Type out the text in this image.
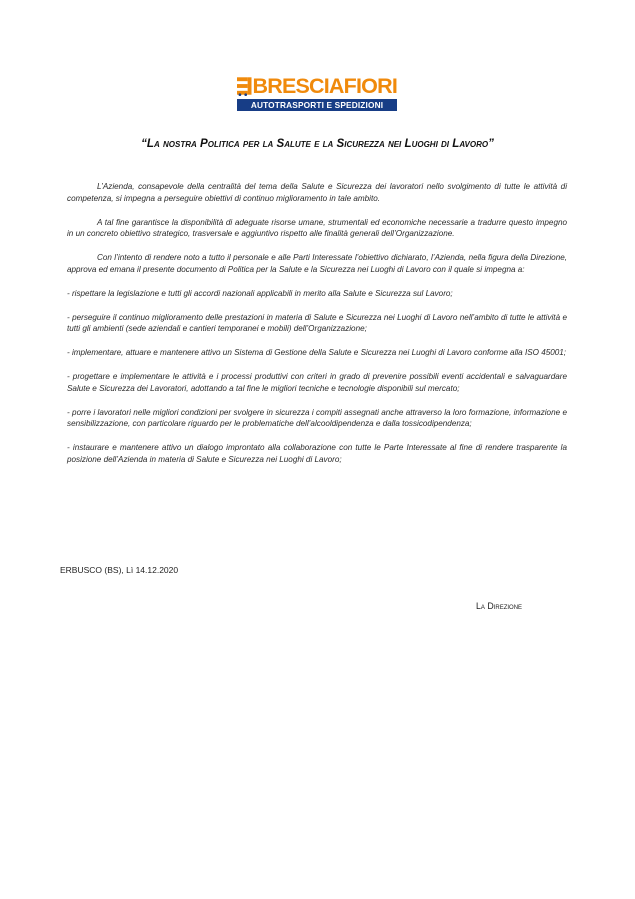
BRESCIAFIORI
AUTOTRASPORTI E SPEDIZIONI
“La nostra Politica per la Salute e la Sicurezza nei Luoghi di Lavoro”

L’Azienda, consapevole della centralità del tema della Salute e Sicurezza dei lavoratori nello svolgimento di tutte le attività di competenza, si impegna a perseguire obiettivi di continuo miglioramento in tale ambito.

A tal fine garantisce la disponibilità di adeguate risorse umane, strumentali ed economiche necessarie a tradurre questo impegno in un concreto obiettivo strategico, trasversale e aggiuntivo rispetto alle finalità generali dell’Organizzazione.

Con l’intento di rendere noto a tutto il personale e alle Parti Interessate l’obiettivo dichiarato, l’Azienda, nella figura della Direzione, approva ed emana il presente documento di Politica per la Salute e la Sicurezza nei Luoghi di Lavoro con il quale si impegna a:

- rispettare la legislazione e tutti gli accordi nazionali applicabili in merito alla Salute e Sicurezza sul Lavoro;

- perseguire il continuo miglioramento delle prestazioni in materia di Salute e Sicurezza nei Luoghi di Lavoro nell’ambito di tutte le attività e tutti gli ambienti (sede aziendali e cantieri temporanei e mobili) dell’Organizzazione;

- implementare, attuare e mantenere attivo un Sistema di Gestione della Salute e Sicurezza nei Luoghi di Lavoro conforme alla ISO 45001;

- progettare e implementare le attività e i processi produttivi con criteri in grado di prevenire possibili eventi accidentali e salvaguardare Salute e Sicurezza dei Lavoratori, adottando a tal fine le migliori tecniche e tecnologie disponibili sul mercato;

- porre i lavoratori nelle migliori condizioni per svolgere in sicurezza i compiti assegnati anche attraverso la loro formazione, informazione e sensibilizzazione, con particolare riguardo per le problematiche dell’alcooldipendenza e dalla tossicodipendenza;

- instaurare e mantenere attivo un dialogo improntato alla collaborazione con tutte le Parte Interessate al fine di rendere trasparente la posizione dell’Azienda in materia di Salute e Sicurezza nei Luoghi di Lavoro;

ERBUSCO (BS), Lì 14.12.2020
La Direzione
